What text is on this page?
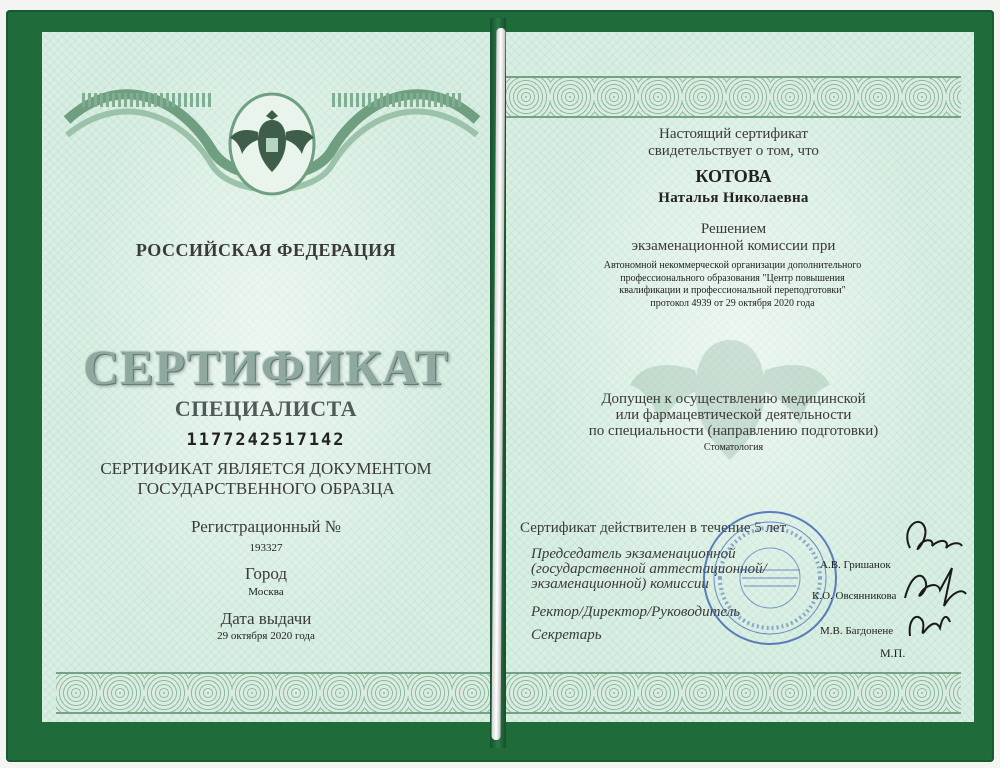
РОССИЙСКАЯ ФЕДЕРАЦИЯ
СЕРТИФИКАТ
СПЕЦИАЛИСТА
1177242517142
СЕРТИФИКАТ ЯВЛЯЕТСЯ ДОКУМЕНТОМ
ГОСУДАРСТВЕННОГО ОБРАЗЦА
Регистрационный №
193327
Город
Москва
Дата выдачи
29 октября 2020 года
Настоящий сертификат
свидетельствует о том, что
КОТОВА
Наталья Николаевна
Решением
экзаменационной комиссии при
Автономной некоммерческой организации дополнительного
профессионального образования "Центр повышения
квалификации и профессиональной переподготовки"
протокол 4939 от 29 октября 2020 года
Допущен к осуществлению медицинской
или фармацевтической деятельности
по специальности (направлению подготовки)
Стоматология
Сертификат действителен в течение 5 лет
Председатель экзаменационной
(государственной аттестационной/
экзаменационной) комиссии
Ректор/Директор/Руководитель
Секретарь
А.В. Гришанок
К.О. Овсянникова
М.В. Багдонене
М.П.
